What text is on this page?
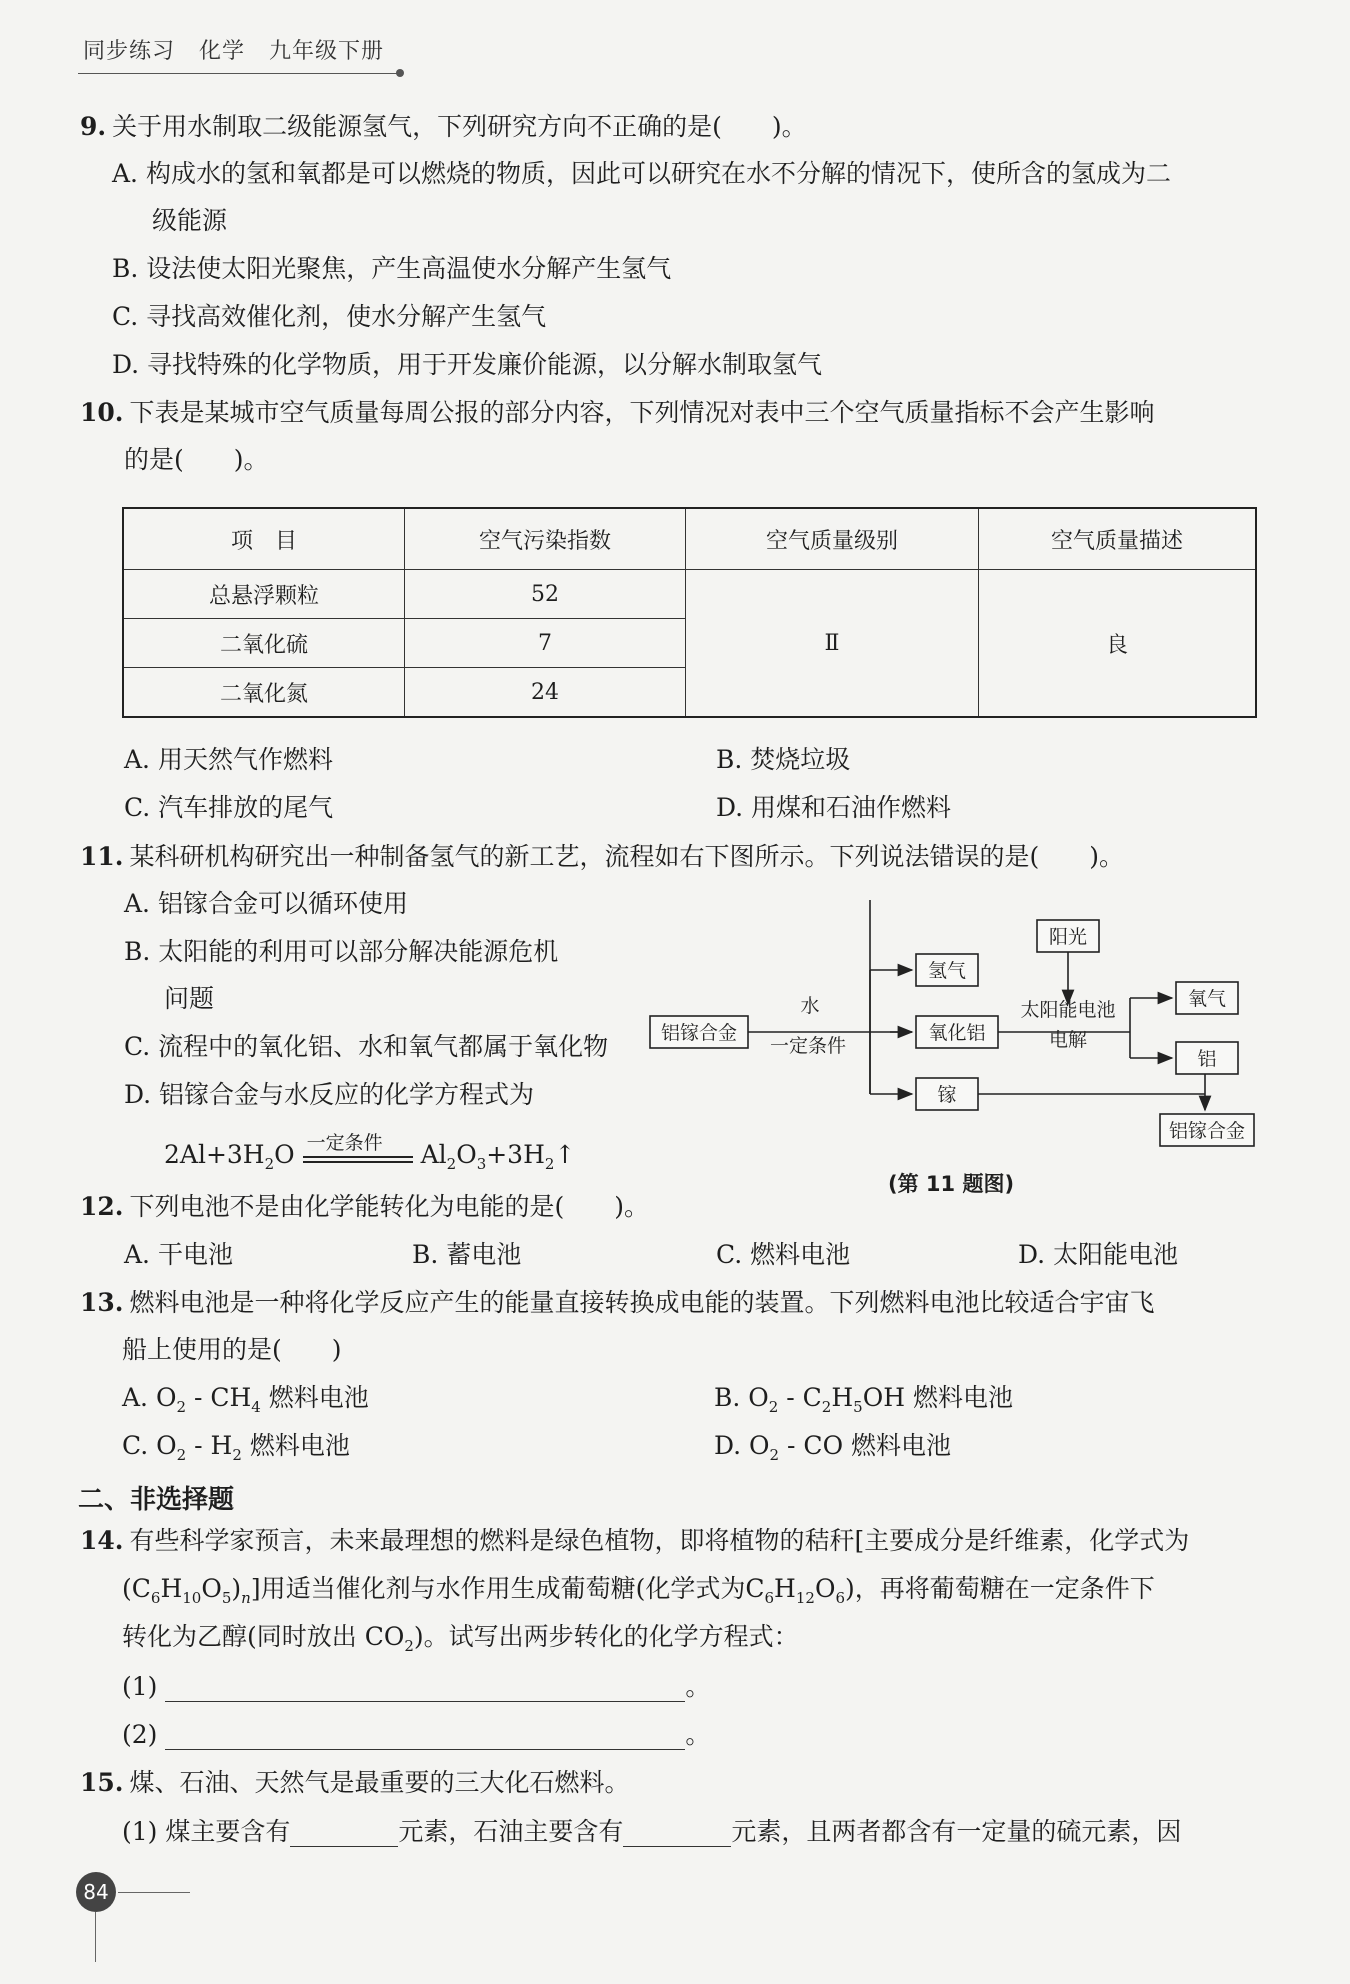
同步练习 化学 九年级下册
9. 关于用水制取二级能源氢气，下列研究方向不正确的是(　　)。
A. 构成水的氢和氧都是可以燃烧的物质，因此可以研究在水不分解的情况下，使所含的氢成为二
级能源
B. 设法使太阳光聚焦，产生高温使水分解产生氢气
C. 寻找高效催化剂，使水分解产生氢气
D. 寻找特殊的化学物质，用于开发廉价能源，以分解水制取氢气
10. 下表是某城市空气质量每周公报的部分内容，下列情况对表中三个空气质量指标不会产生影响
的是(　　)。
项　目	空气污染指数	空气质量级别	空气质量描述
总悬浮颗粒	52	Ⅱ	良
二氧化硫	7		
二氧化氮	24		
A. 用天然气作燃料	B. 焚烧垃圾
C. 汽车排放的尾气	D. 用煤和石油作燃料
11. 某科研机构研究出一种制备氢气的新工艺，流程如右下图所示。下列说法错误的是(　　)。
A. 铝镓合金可以循环使用
B. 太阳能的利用可以部分解决能源危机
问题
C. 流程中的氧化铝、水和氧气都属于氧化物
D. 铝镓合金与水反应的化学方程式为
$2Al+3H_2O$ 一定条件 $Al_2O_3+3H_2↑$
铝镓合金
水
一定条件
氢气
氧化铝
镓
阳光
太阳能电池
电解
氧气
铝
铝镓合金
(第 11 题图)
12. 下列电池不是由化学能转化为电能的是(　　)。
A. 干电池	B. 蓄电池	C. 燃料电池	D. 太阳能电池
13. 燃料电池是一种将化学反应产生的能量直接转换成电能的装置。下列燃料电池比较适合宇宙飞
船上使用的是(　　)
A. $O_2 - CH_4$ 燃料电池	B. $O_2 - C_2H_5OH$ 燃料电池
C. $O_2 - H_2$ 燃料电池	D. $O_2$ - CO 燃料电池
二、非选择题
14. 有些科学家预言，未来最理想的燃料是绿色植物，即将植物的秸秆[主要成分是纤维素，化学式为
$(C_6H_{10}O_5)_n$]用适当催化剂与水作用生成葡萄糖(化学式为$C_6H_{12}O_6$)，再将葡萄糖在一定条件下
转化为乙醇(同时放出 $CO_2$)。试写出两步转化的化学方程式：
(1)	。
(2)	。
15. 煤、石油、天然气是最重要的三大化石燃料。
(1) 煤主要含有	元素，石油主要含有	元素，且两者都含有一定量的硫元素，因
84
